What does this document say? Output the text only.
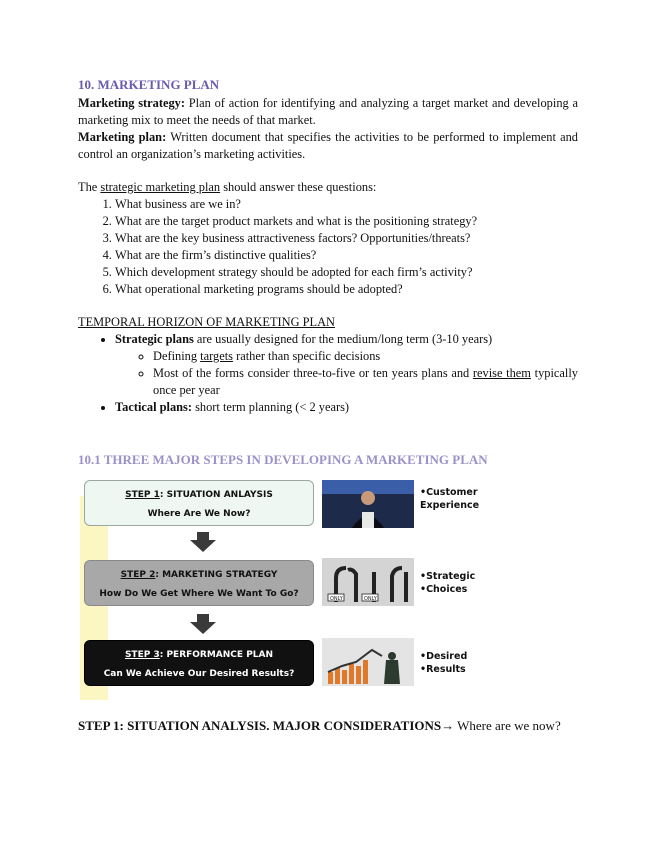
10. MARKETING PLAN

Marketing strategy: Plan of action for identifying and analyzing a target market and developing a marketing mix to meet the needs of that market.

Marketing plan: Written document that specifies the activities to be performed to implement and control an organization’s marketing activities.

The strategic marketing plan should answer these questions:

1. What business are we in?
2. What are the target product markets and what is the positioning strategy?
3. What are the key business attractiveness factors? Opportunities/threats?
4. What are the firm’s distinctive qualities?
5. Which development strategy should be adopted for each firm’s activity?
6. What operational marketing programs should be adopted?
TEMPORAL HORIZON OF MARKETING PLAN
• Strategic plans are usually designed for the medium/long term (3-10 years)
◦ Defining targets rather than specific decisions
◦ Most of the forms consider three-to-five or ten years plans and revise them typically once per year
• Tactical plans: short term planning (< 2 years)
10.1 THREE MAJOR STEPS IN DEVELOPING A MARKETING PLAN
STEP 1: SITUATION ANLAYSIS
Where Are We Now?
STEP 2: MARKETING STRATEGY
How Do We Get Where We Want To Go?
STEP 3: PERFORMANCE PLAN
Can We Achieve Our Desired Results?
ONLY	ONLY
•Customer
Experience
•Strategic
•Choices
•Desired
•Results
STEP 1: SITUATION ANALYSIS. MAJOR CONSIDERATIONS→ Where are we now?
